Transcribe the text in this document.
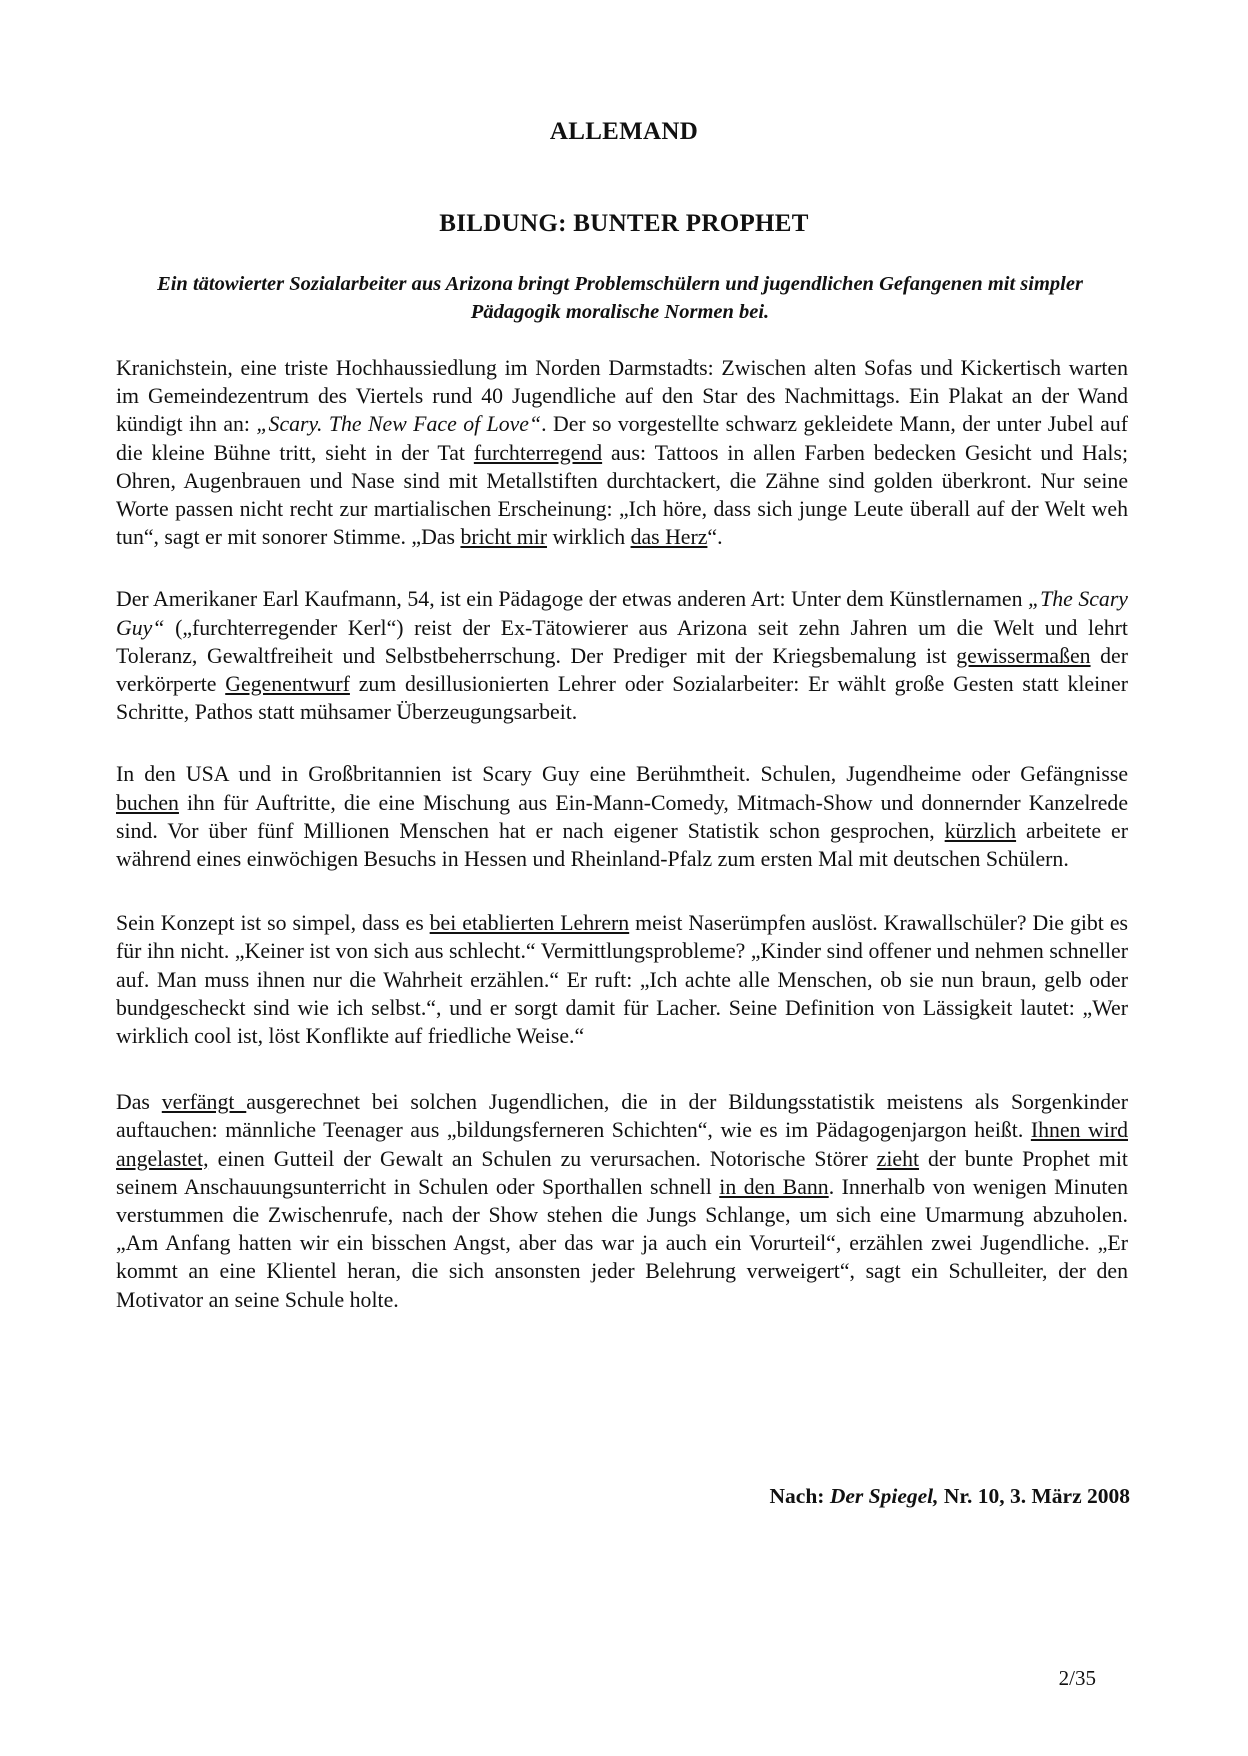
ALLEMAND
BILDUNG: BUNTER PROPHET
Ein tätowierter Sozialarbeiter aus Arizona bringt Problemschülern und jugendlichen Gefangenen mit simpler Pädagogik moralische Normen bei.

Kranichstein, eine triste Hochhaussiedlung im Norden Darmstadts: Zwischen alten Sofas und Kickertisch warten im Gemeindezentrum des Viertels rund 40 Jugendliche auf den Star des Nachmittags. Ein Plakat an der Wand kündigt ihn an: „Scary. The New Face of Love“. Der so vorgestellte schwarz gekleidete Mann, der unter Jubel auf die kleine Bühne tritt, sieht in der Tat furchterregend aus: Tattoos in allen Farben bedecken Gesicht und Hals; Ohren, Augenbrauen und Nase sind mit Metallstiften durchtackert, die Zähne sind golden überkront. Nur seine Worte passen nicht recht zur martialischen Erscheinung: „Ich höre, dass sich junge Leute überall auf der Welt weh tun“, sagt er mit sonorer Stimme. „Das bricht mir wirklich das Herz“.

Der Amerikaner Earl Kaufmann, 54, ist ein Pädagoge der etwas anderen Art: Unter dem Künstlernamen „The Scary Guy“ („furchterregender Kerl“) reist der Ex-Tätowierer aus Arizona seit zehn Jahren um die Welt und lehrt Toleranz, Gewaltfreiheit und Selbstbeherrschung. Der Prediger mit der Kriegsbemalung ist gewissermaßen der verkörperte Gegenentwurf zum desillusionierten Lehrer oder Sozialarbeiter: Er wählt große Gesten statt kleiner Schritte, Pathos statt mühsamer Überzeugungsarbeit.

In den USA und in Großbritannien ist Scary Guy eine Berühmtheit. Schulen, Jugendheime oder Gefängnisse buchen ihn für Auftritte, die eine Mischung aus Ein-Mann-Comedy, Mitmach-Show und donnernder Kanzelrede sind. Vor über fünf Millionen Menschen hat er nach eigener Statistik schon gesprochen, kürzlich arbeitete er während eines einwöchigen Besuchs in Hessen und Rheinland-Pfalz zum ersten Mal mit deutschen Schülern.

Sein Konzept ist so simpel, dass es bei etablierten Lehrern meist Naserümpfen auslöst. Krawallschüler? Die gibt es für ihn nicht. „Keiner ist von sich aus schlecht.“ Vermittlungsprobleme? „Kinder sind offener und nehmen schneller auf. Man muss ihnen nur die Wahrheit erzählen.“ Er ruft: „Ich achte alle Menschen, ob sie nun braun, gelb oder bundgescheckt sind wie ich selbst.“, und er sorgt damit für Lacher. Seine Definition von Lässigkeit lautet: „Wer wirklich cool ist, löst Konflikte auf friedliche Weise.“

Das verfängt ausgerechnet bei solchen Jugendlichen, die in der Bildungsstatistik meistens als Sorgenkinder auftauchen: männliche Teenager aus „bildungsferneren Schichten“, wie es im Pädagogenjargon heißt. Ihnen wird angelastet, einen Gutteil der Gewalt an Schulen zu verursachen. Notorische Störer zieht der bunte Prophet mit seinem Anschauungsunterricht in Schulen oder Sporthallen schnell in den Bann. Innerhalb von wenigen Minuten verstummen die Zwischenrufe, nach der Show stehen die Jungs Schlange, um sich eine Umarmung abzuholen. „Am Anfang hatten wir ein bisschen Angst, aber das war ja auch ein Vorurteil“, erzählen zwei Jugendliche. „Er kommt an eine Klientel heran, die sich ansonsten jeder Belehrung verweigert“, sagt ein Schulleiter, der den Motivator an seine Schule holte.

Nach: Der Spiegel, Nr. 10, 3. März 2008
2/35
